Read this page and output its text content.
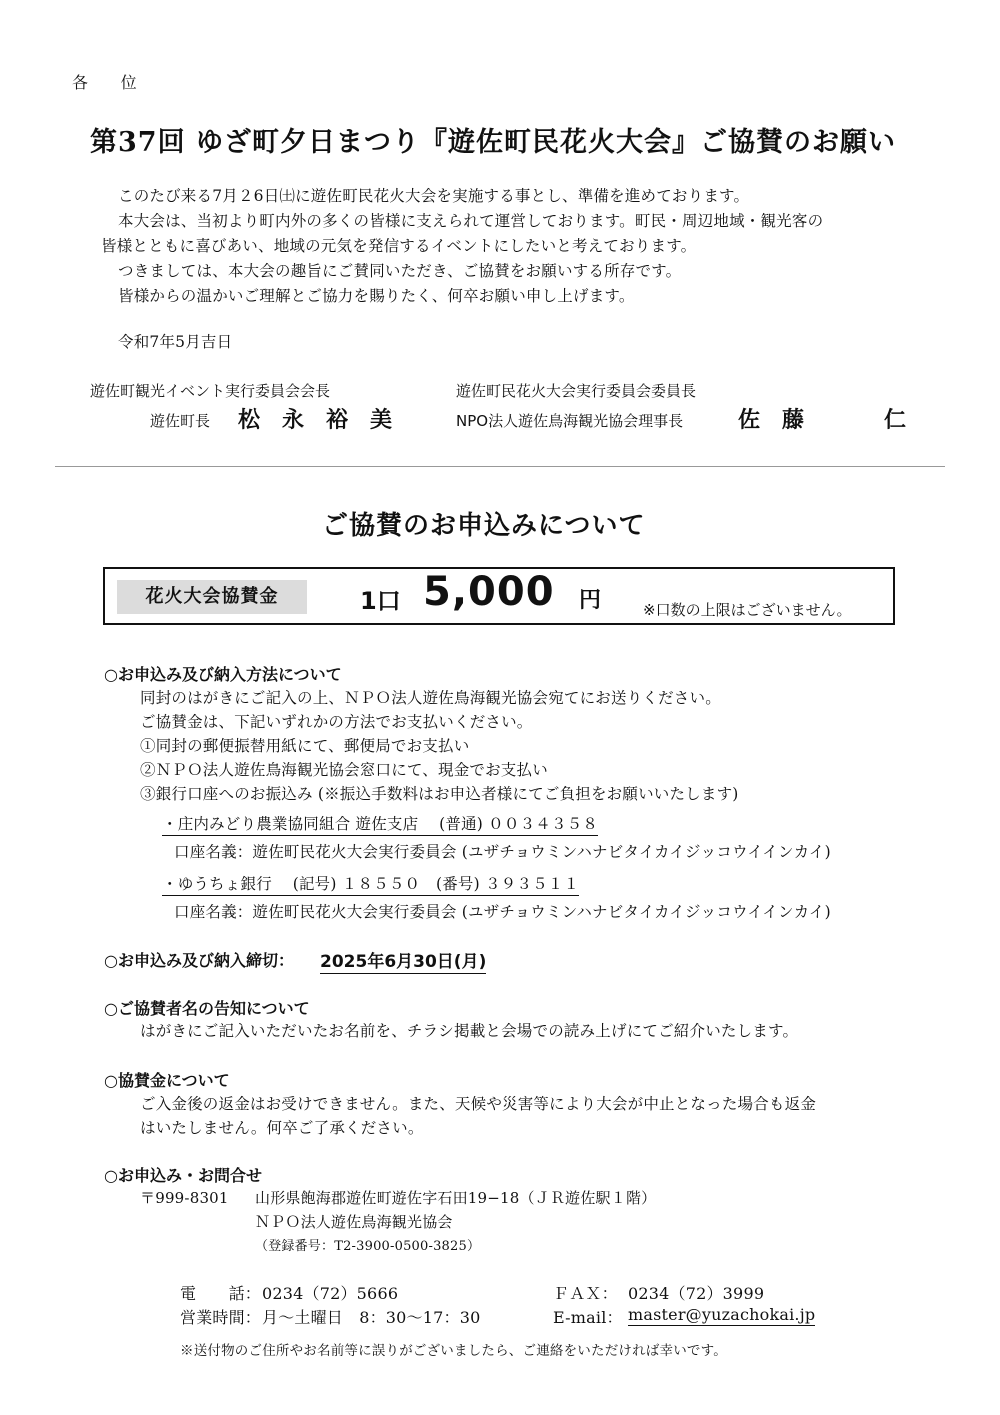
各　　位
第37回 ゆざ町夕日まつり『遊佐町民花火大会』ご協賛のお願い
このたび来る7月２6日㈯に遊佐町民花火大会を実施する事とし、準備を進めております。
本大会は、当初より町内外の多くの皆様に支えられて運営しております。町民・周辺地域・観光客の
皆様とともに喜びあい、地域の元気を発信するイベントにしたいと考えております。
つきましては、本大会の趣旨にご賛同いただき、ご協賛をお願いする所存です。
皆様からの温かいご理解とご協力を賜りたく、何卒お願い申し上げます。
令和7年5月吉日
遊佐町観光イベント実行委員会会長
遊佐町長 松　永　裕　美
遊佐町民花火大会実行委員会委員長
NPO法人遊佐鳥海観光協会理事長 佐　藤	仁
ご協賛のお申込みについて
花火大会協賛金	1口 5,000 円	※口数の上限はございません。
○お申込み及び納入方法について
同封のはがきにご記入の上、ＮＰＯ法人遊佐鳥海観光協会宛てにお送りください。
ご協賛金は、下記いずれかの方法でお支払いください。
①同封の郵便振替用紙にて、郵便局でお支払い
②ＮＰＯ法人遊佐鳥海観光協会窓口にて、現金でお支払い
③銀行口座へのお振込み (※振込手数料はお申込者様にてご負担をお願いいたします)
・庄内みどり農業協同組合 遊佐支店　 (普通) ００３４３５８
口座名義：遊佐町民花火大会実行委員会 (ユザチョウミンハナビタイカイジッコウイインカイ)
・ゆうちょ銀行　 (記号) １８５５０　(番号) ３９３５１１
口座名義：遊佐町民花火大会実行委員会 (ユザチョウミンハナビタイカイジッコウイインカイ)
○お申込み及び納入締切： 2025年6月30日(月)
○ご協賛者名の告知について
はがきにご記入いただいたお名前を、チラシ掲載と会場での読み上げにてご紹介いたします。
○協賛金について
ご入金後の返金はお受けできません。また、天候や災害等により大会が中止となった場合も返金
はいたしません。何卒ご了承ください。
○お申込み・お問合せ
〒999-8301 山形県飽海郡遊佐町遊佐字石田19−18（ＪＲ遊佐駅１階）
ＮＰＯ法人遊佐鳥海観光協会
（登録番号：T2-3900-0500-3825）
電　　話： 0234（72）5666	ＦＡＸ： 0234（72）3999
営業時間： 月～土曜日　8：30～17：30	E-mail： master@yuzachokai.jp
※送付物のご住所やお名前等に誤りがございましたら、ご連絡をいただければ幸いです。
